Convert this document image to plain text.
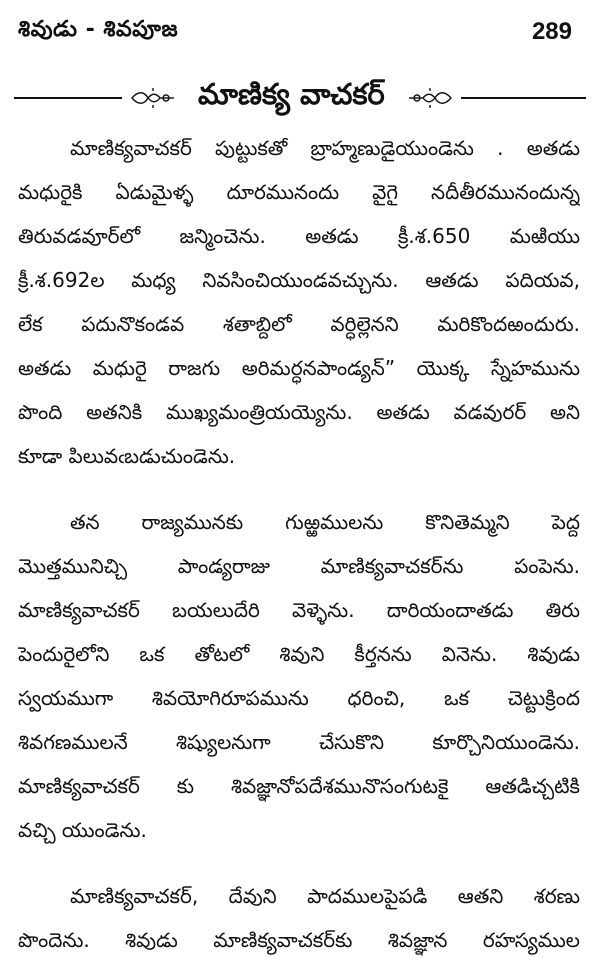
శివుడు - శివపూజ	289
మాణిక్య వాచకర్
మాణిక్యవాచకర్ పుట్టుకతో బ్రాహ్మణుడైయుండెను . అతడు
మధురైకి ఏడుమైళ్ళ దూరమునందు వైగై నదీతీరమునందున్న
తిరువడవూర్‌లో జన్మించెను. అతడు క్రీ.శ.650 మఱియు
క్రీ.శ.692ల మధ్య నివసించియుండవచ్చును. ఆతడు పదియవ,
లేక పదునొకండవ శతాబ్దిలో వర్ధిల్లెనని మరికొందఱందురు.
అతడు మధురై రాజగు అరిమర్ధనపాండ్యన్” యొక్క స్నేహమును
పొంది అతనికి ముఖ్యమంత్రియయ్యెను. అతడు వడవురర్ అని
కూడా పిలువఁబడుచుండెను.
తన రాజ్యమునకు గుఱ్ఱములను కొనితెమ్మని పెద్ద
మొత్తమునిచ్చి పాండ్యరాజు మాణిక్యవాచకర్‌ను పంపెను.
మాణిక్యవాచకర్ బయలుదేరి వెళ్ళెను. దారియందాతడు తిరు
పెందురైలోని ఒక తోటలో శివుని కీర్తనను వినెను. శివుడు
స్వయముగా శివయోగిరూపమును ధరించి, ఒక చెట్టుక్రింద
శివగణములనే శిష్యులనుగా చేసుకొని కూర్చొనియుండెను.
మాణిక్యవాచకర్ కు శివజ్ఞానోపదేశమునొసంగుటకై ఆతడిచ్చటికి
వచ్చి యుండెను.
మాణిక్యవాచకర్, దేవుని పాదములపైపడి ఆతని శరణు
పొందెను. శివుడు మాణిక్యవాచకర్‌కు శివజ్ఞాన రహస్యముల
